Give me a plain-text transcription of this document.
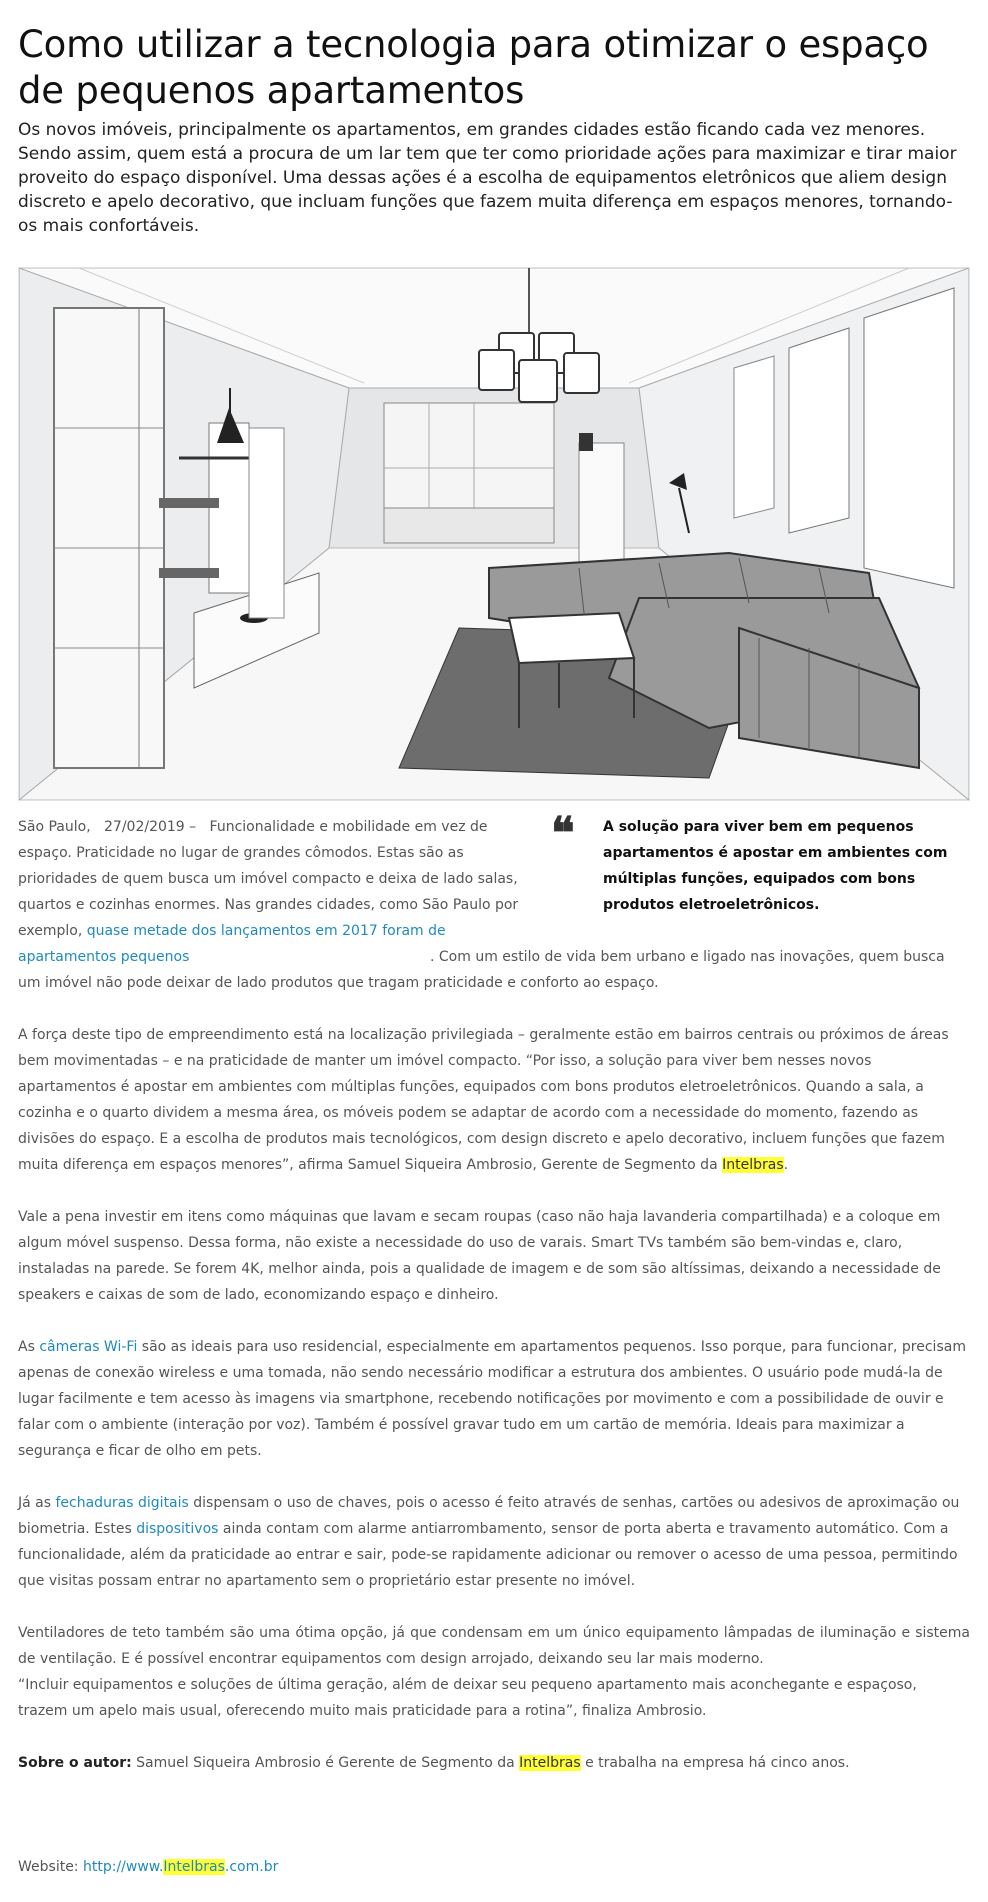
Como utilizar a tecnologia para otimizar o espaço de pequenos apartamentos

Os novos imóveis, principalmente os apartamentos, em grandes cidades estão ficando cada vez menores. Sendo assim, quem está a procura de um lar tem que ter como prioridade ações para maximizar e tirar maior proveito do espaço disponível. Uma dessas ações é a escolha de equipamentos eletrônicos que aliem design discreto e apelo decorativo, que incluam funções que fazem muita diferença em espaços menores, tornando-os mais confortáveis.

São Paulo, 27/02/2019 – Funcionalidade e mobilidade em vez de espaço. Praticidade no lugar de grandes cômodos. Estas são as prioridades de quem busca um imóvel compacto e deixa de lado salas, quartos e cozinhas enormes. Nas grandes cidades, como São Paulo por exemplo, quase metade dos lançamentos em 2017 foram de apartamentos pequenos	. Com um estilo de vida bem urbano e ligado nas inovações, quem busca um imóvel não pode deixar de lado produtos que tragam praticidade e conforto ao espaço.

❝ A solução para viver bem em pequenos apartamentos é apostar em ambientes com múltiplas funções, equipados com bons produtos eletroeletrônicos.

A força deste tipo de empreendimento está na localização privilegiada – geralmente estão em bairros centrais ou próximos de áreas bem movimentadas – e na praticidade de manter um imóvel compacto. “Por isso, a solução para viver bem nesses novos apartamentos é apostar em ambientes com múltiplas funções, equipados com bons produtos eletroeletrônicos. Quando a sala, a cozinha e o quarto dividem a mesma área, os móveis podem se adaptar de acordo com a necessidade do momento, fazendo as divisões do espaço. E a escolha de produtos mais tecnológicos, com design discreto e apelo decorativo, incluem funções que fazem muita diferença em espaços menores”, afirma Samuel Siqueira Ambrosio, Gerente de Segmento da Intelbras.

Vale a pena investir em itens como máquinas que lavam e secam roupas (caso não haja lavanderia compartilhada) e a coloque em algum móvel suspenso. Dessa forma, não existe a necessidade do uso de varais. Smart TVs também são bem-vindas e, claro, instaladas na parede. Se forem 4K, melhor ainda, pois a qualidade de imagem e de som são altíssimas, deixando a necessidade de speakers e caixas de som de lado, economizando espaço e dinheiro.

As câmeras Wi-Fi são as ideais para uso residencial, especialmente em apartamentos pequenos. Isso porque, para funcionar, precisam apenas de conexão wireless e uma tomada, não sendo necessário modificar a estrutura dos ambientes. O usuário pode mudá-la de lugar facilmente e tem acesso às imagens via smartphone, recebendo notificações por movimento e com a possibilidade de ouvir e falar com o ambiente (interação por voz). Também é possível gravar tudo em um cartão de memória. Ideais para maximizar a segurança e ficar de olho em pets.

Já as fechaduras digitais dispensam o uso de chaves, pois o acesso é feito através de senhas, cartões ou adesivos de aproximação ou biometria. Estes dispositivos ainda contam com alarme antiarrombamento, sensor de porta aberta e travamento automático. Com a funcionalidade, além da praticidade ao entrar e sair, pode-se rapidamente adicionar ou remover o acesso de uma pessoa, permitindo que visitas possam entrar no apartamento sem o proprietário estar presente no imóvel.

Ventiladores de teto também são uma ótima opção, já que condensam em um único equipamento lâmpadas de iluminação e sistema de ventilação. E é possível encontrar equipamentos com design arrojado, deixando seu lar mais moderno.

“Incluir equipamentos e soluções de última geração, além de deixar seu pequeno apartamento mais aconchegante e espaçoso, trazem um apelo mais usual, oferecendo muito mais praticidade para a rotina”, finaliza Ambrosio.

Sobre o autor: Samuel Siqueira Ambrosio é Gerente de Segmento da Intelbras e trabalha na empresa há cinco anos.

Website: http://www.Intelbras.com.br
